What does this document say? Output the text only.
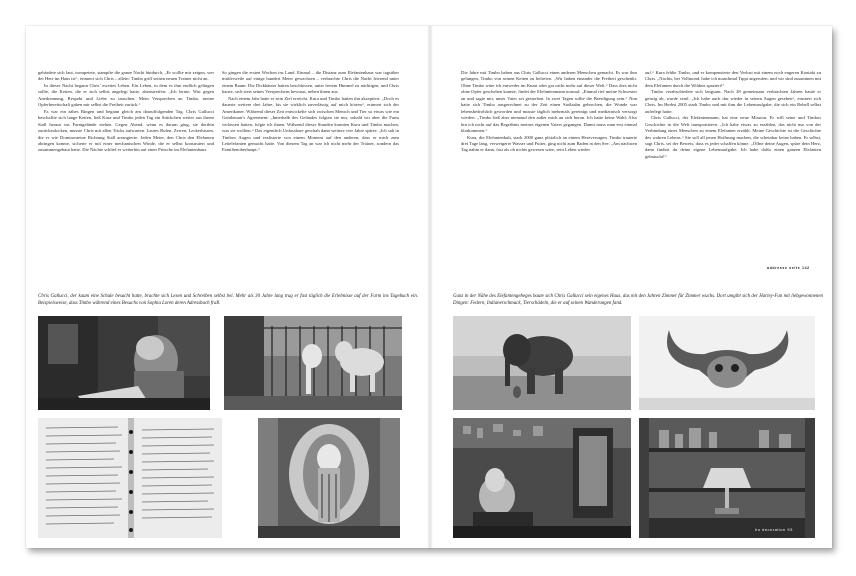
gebärdete sich laut, trompetete, stampfte die ganze Nacht hindurch, „Er wollte mir zeigen, wer der Herr im Haus ist“, erinnert sich Chris – allein: Timbo griff seinen neuen Trainer nicht an.

In dieser Nacht begann Chris’ zweites Leben. Ein Leben, in dem es ihm endlich gelingen sollte, die Ketten, die er sich selbst angelegt hatte, abzustreifen: „Ich lernte, Wut gegen Anerkennung, Respekt und Liebe zu tauschen. Mein Versprechen an Timbo, meine Opferbereitschaft gaben mir selbst die Freiheit zurück.“

Es war ein zähes Ringen und begann gleich am darauffolgenden Tag. Chris Gallucci beschaffte sich lange Ketten, ließ Kura und Timbo jeden Tag ein Stückchen weiter aus ihrem Stall heraus ins Farmgelände ziehen. Gegen Abend, wenn es darum ging, sie dorthin zurückzulocken, musste Chris mit allen Tricks aufwarten. Lautes Rufen, Zerren, Leckerbissen, die er wie Dominosteine Richtung Stall arrangierte. Jeden Meter, den Chris den Elefanten abringen konnte, sicherte er mit einer mechanischen Winde, die er selbst konstruiert und zusammengebaut hatte. Die Nächte schlief er weiterhin auf einer Pritsche im Elefantenhaus.

So gingen die ersten Wochen ins Land. Einmal – die Distanz zum Elefantenhaus war tagsüber mittlerweile auf einige hundert Meter gewachsen – verbrachte Chris die Nacht frierend unter einem Baum: Die Dickhäuter hatten beschlossen, unter freiem Himmel zu nächtigen, und Chris harrte, sich stets seines Versprechens bewusst, neben ihnen aus.

Nach einem Jahr hatte er sein Ziel erreicht. Kura und Timbo hatten ihn akzeptiert. „Doch es dauerte weitere drei Jahre, bis sie wirklich zuverlässig auf mich hörten“, erinnert sich der Amerikaner. Während dieser Zeit entwickelte sich zwischen Mensch und Tier so etwas wie ein Gentleman’s Agreement: „Innerhalb des Geländes folgten sie mir, sobald wir aber die Farm verlassen hatten, folgte ich ihnen. Während dieser Stunden konnten Kura und Timbo machen, was sie wollten.“ Das eigentlich Unfassbare geschah dann weitere vier Jahre später: „Ich sah in Timbos Augen und realisierte von einem Moment auf den anderen, dass er mich zum Leitelefanten gemacht hatte. Von diesem Tag an war ich nicht mehr der Trainer, sondern das Familienoberhaupt.“

Chris Gallucci, der kaum eine Schule besucht hatte, brachte sich Lesen und Schreiben selbst bei. Mehr als 30 Jahre lang trug er fast täglich die Erlebnisse auf der Farm ins Tagebuch ein. Beispielsweise, dass Timbo während eines Besuchs von Sophia Loren deren Adressbuch fraß.

Die Jahre mit Timbo haben aus Chris Gallucci einen anderen Menschen gemacht. Es war ihm gelungen, Timbo von seinen Ketten zu befreien. „Wir haben einander die Freiheit geschenkt. Ohne Timbo wäre ich entweder im Knast oder gar nicht mehr auf dieser Welt.“ Dass dies nicht ohne Opfer geschehen konnte, findet der Elefantenmann normal: „Einmal rief meine Schwester an und sagte mir, unser Vater sei gestorben. In zwei Tagen sollte die Beerdigung sein.“ Nun hatte sich Timbo ausgerechnet zu der Zeit einen Stoßzahn gebrochen, die Wunde war lebensbedrohlich geworden und musste täglich mehrmals gereinigt und medizinisch versorgt werden. „Timbo ließ aber niemand den außer mich an sich heran. Ich hatte keine Wahl: Also bin ich nicht auf das Begräbnis meines eigenen Vaters gegangen. Damit muss man erst einmal klarkommen.“

Kura, die Elefantenkuh, starb 2000 ganz plötzlich an einem Herzversagen. Timbo trauerte drei Tage lang, verweigerte Wasser und Futter, ging nicht zum Baden in den See. „Am nächsten Tag nahm er dann, fast als ob nichts gewesen wäre, sein Leben wieder

auf.“ Kura fehlte Timbo, und er kompensierte den Verlust mit einem noch engeren Kontakt zu Chris. „Nachts, bei Vollmond, habe ich manchmal Tippi angerufen, und wir sind zusammen mit dem Elefanten durch die Wildnis spaziert!“

Timbo verabschiedete sich langsam. Nach 28 gemeinsam verbrachten Jahren baute er geistig ab, wurde senil. „Ich habe auch das wieder in seinen Augen gesehen“, erinnert sich Chris. Im Herbst 2005 starb Timbo und mit ihm die Lebensaufgabe, die sich ein Rebell selbst auferlegt hatte.

Chris Gallucci, der Elefantenmann, hat eine neue Mission. Er will seine und Timbos Geschichte in die Welt transportieren. „Ich habe etwas zu erzählen, das nicht nur von der Verbindung eines Menschen zu einem Elefanten erzählt. Meine Geschichte ist die Geschichte des wahren Lebens.“ Sie soll all jenen Hoffnung machen, die scheinbar keine haben. Er selbst, sagt Chris, sei der Beweis, dass es jeder schaffen könne. „Öffne deine Augen, spüre dein Herz, dann findest du deine eigene Lebensaufgabe. Ich habe dafür einen ganzen Elefanten gebraucht!“

addresse seite 142
Ganz in der Nähe des Elefantengeheges baute sich Chris Gallucci sein eigenes Haus, das mit den Jahren Zimmer für Zimmer wuchs. Dort umgibt sich der Harley-Fan mit liebgewonnenen Dingen: Federn, Indianerschmuck, Tierschädeln, die er auf seinen Wanderungen fand.
ho decoration 93
